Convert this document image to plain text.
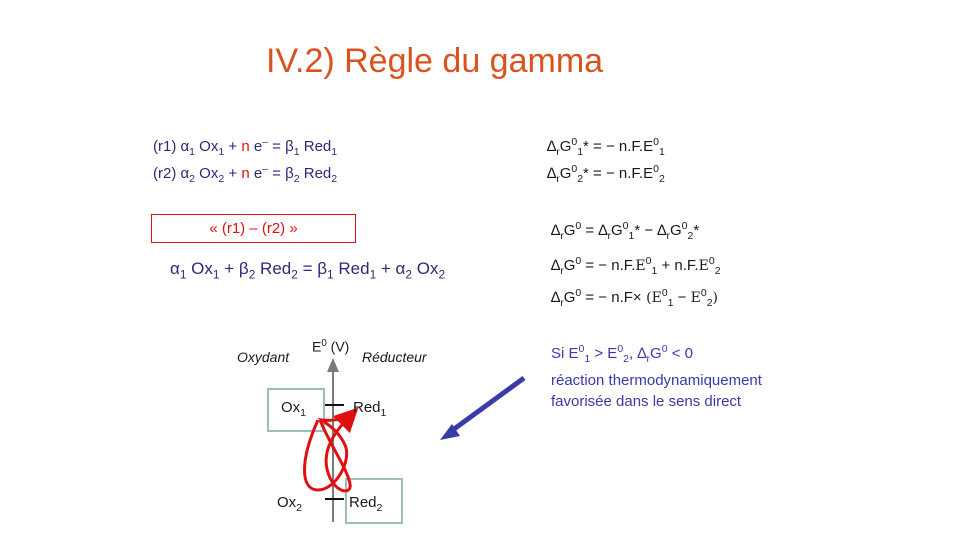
IV.2) Règle du gamma
(r1) $\alpha_1$ $Ox_1 + n$ $e^- = \beta_1$ Red$_1$
(r2) $\alpha_2$ $Ox_2 + n$ $e^- = \beta_2$ Red$_2$
$\Delta_rG^0_1*$ = − $n.F.E^0_1$
$\Delta_rG^0_2*$ = − $n.F.E^0_2$
« (r1) – (r2) »
$\alpha_1$ $Ox_1 + \beta_2$ $Red_2 = \beta_1$ $Red_1 + \alpha_2$ $Ox_2$
$\Delta_rG^0 = \Delta_rG^0_1* - \Delta_rG^0_2*$
$\Delta_rG^0$ = − $n.F.E^0_1 + n.F.E^0_2$
$\Delta_rG^0$ = − $n.F\times (E^0_1 - E^0_2)$
Si $E^0_1 > E^0_2$, $\Delta_rG^0 < 0$
réaction thermodynamiquement
favorisée dans le sens direct
$E^0$ (V)
Oxydant	Réducteur
$Ox_1$	Red$_1$
$Ox_2$	Red$_2$
